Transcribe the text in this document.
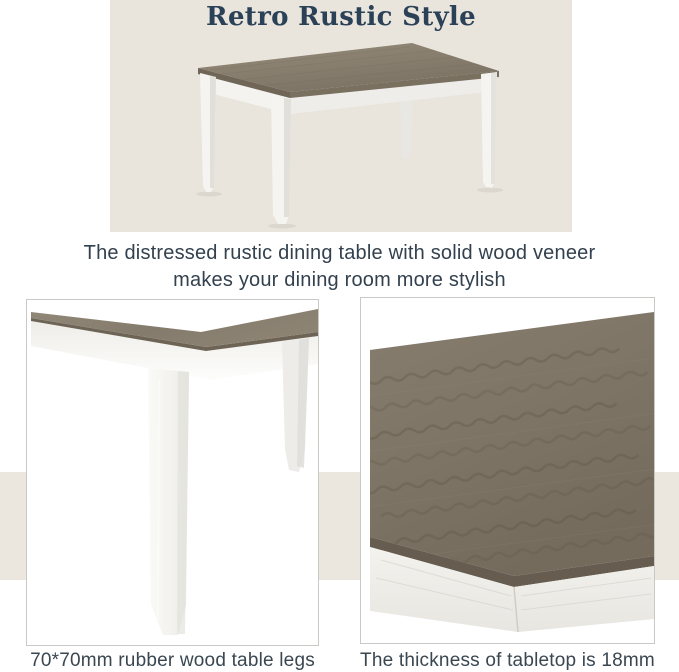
Retro Rustic Style

The distressed rustic dining table with solid wood veneer
makes your dining room more stylish

70*70mm rubber wood table legs The thickness of tabletop is 18mm
